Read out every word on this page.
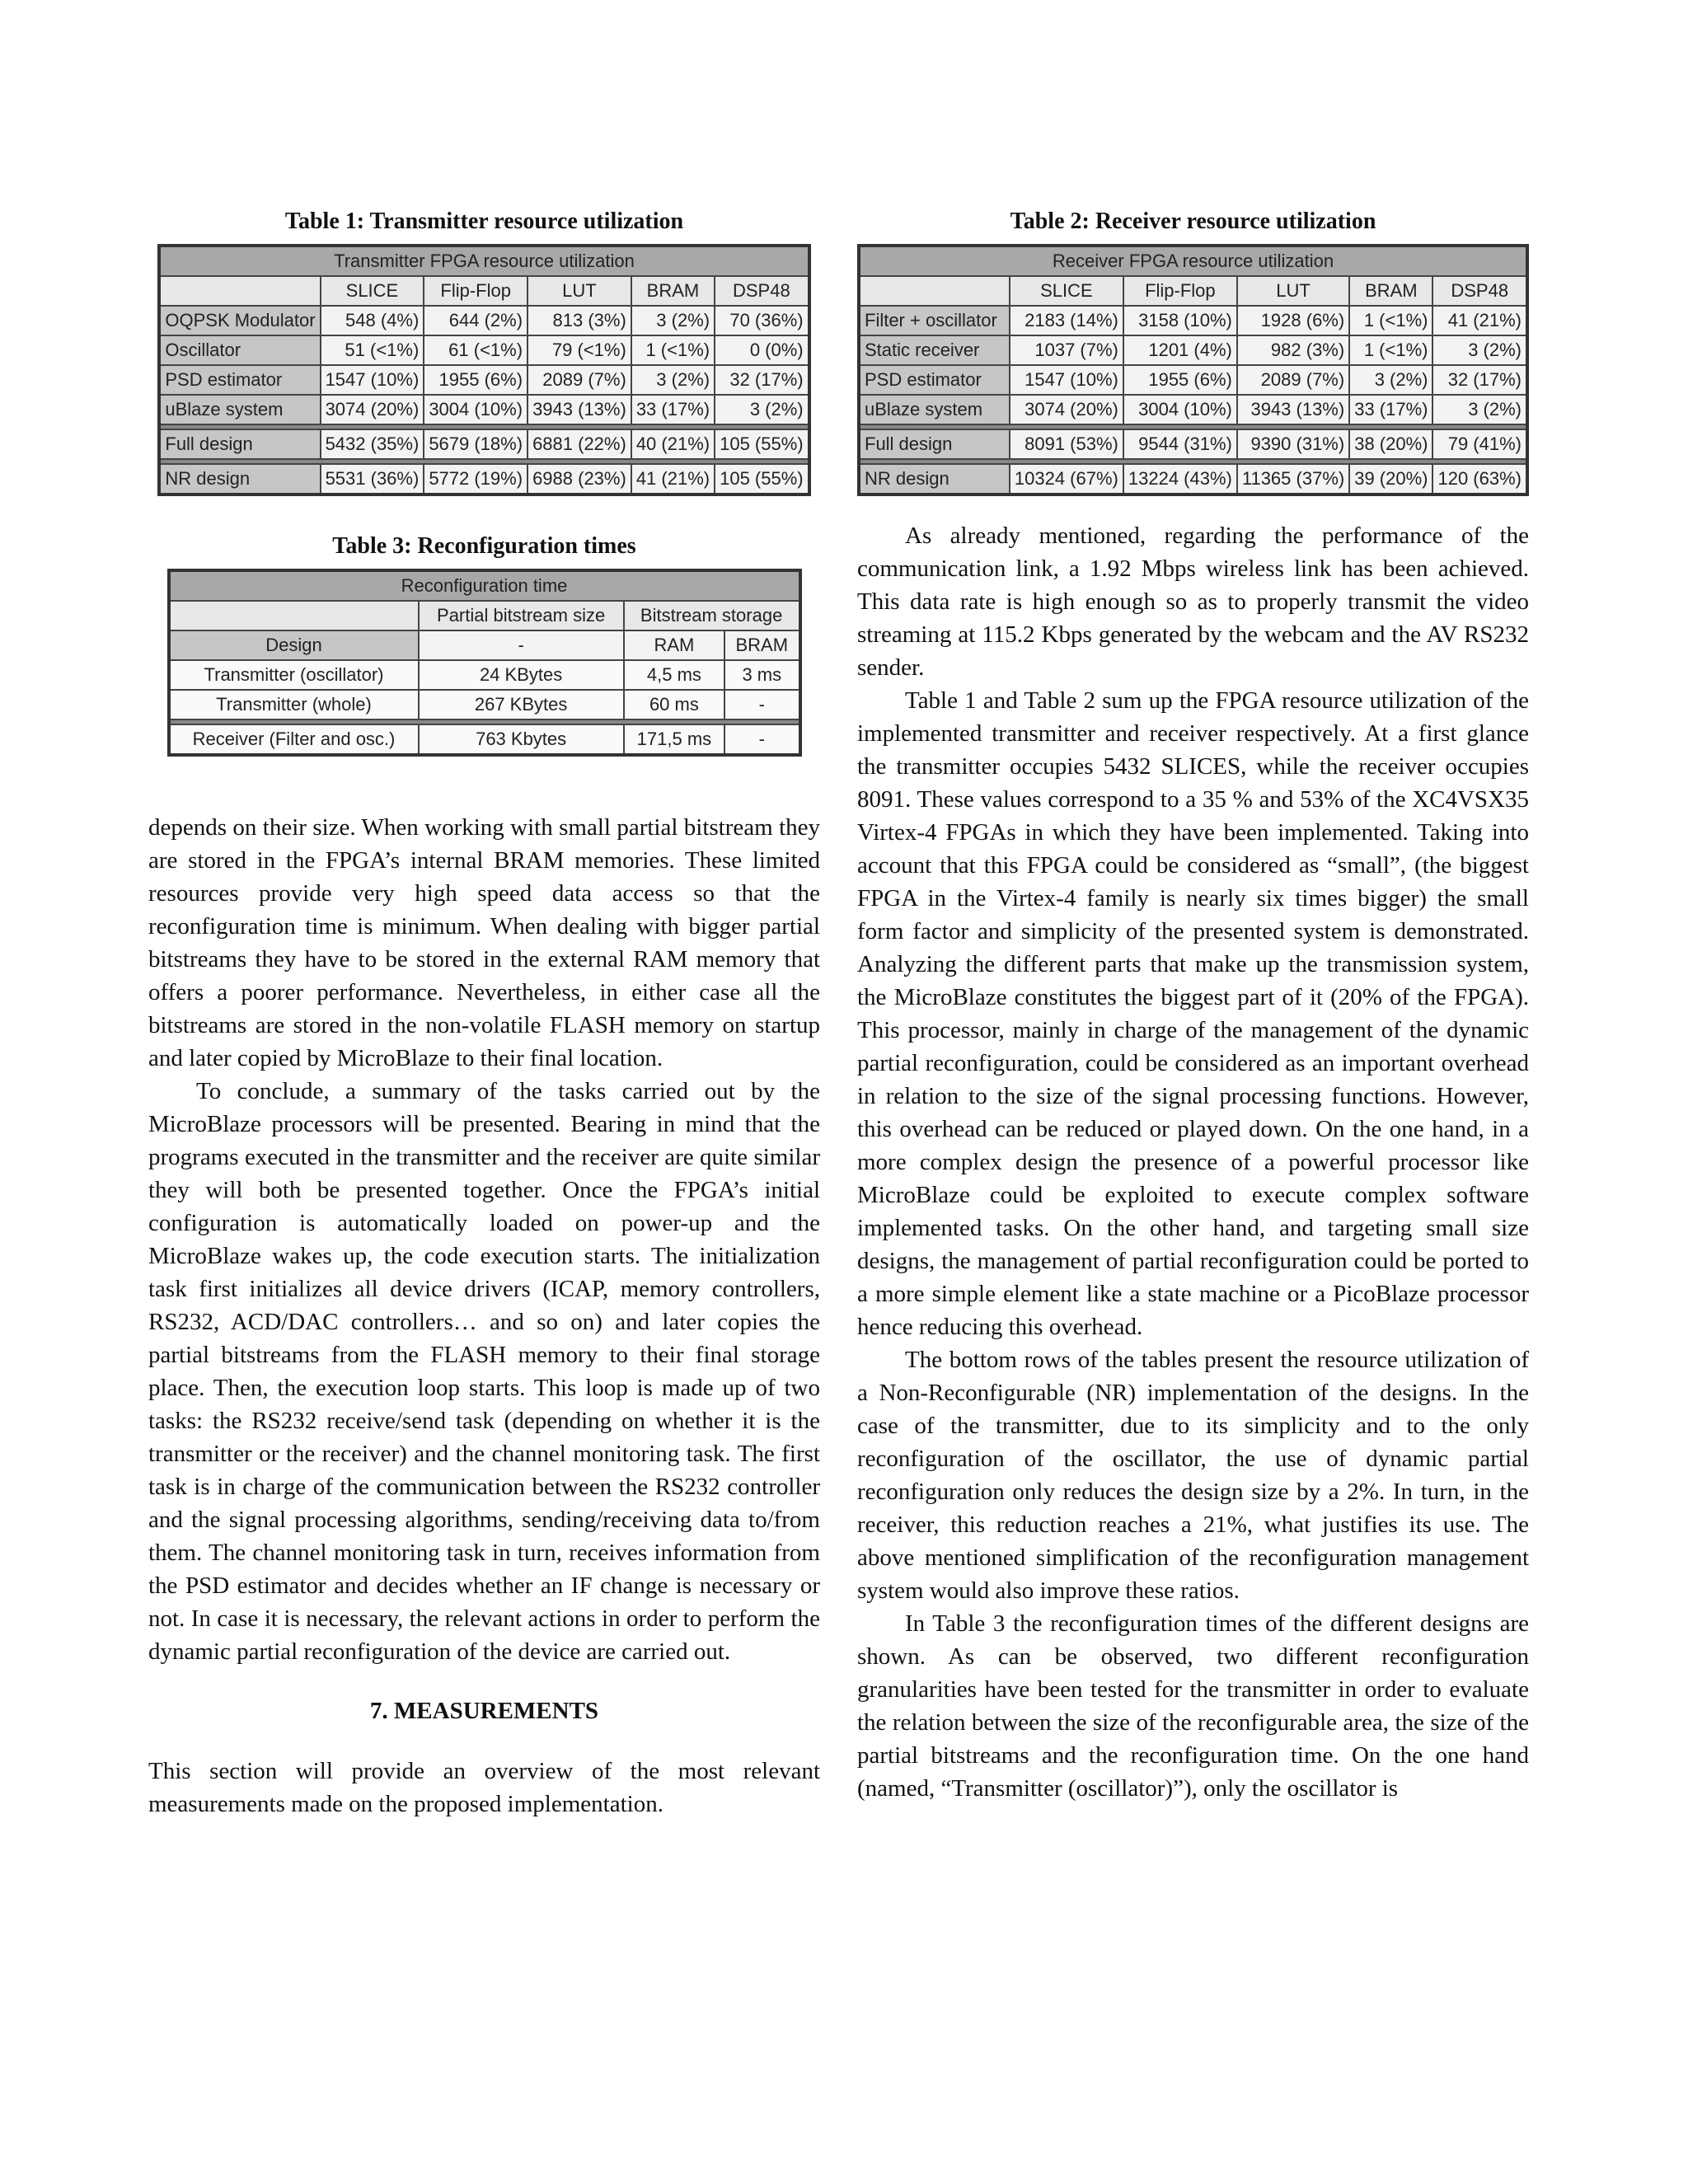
Table 1: Transmitter resource utilization
Transmitter FPGA resource utilization					
	SLICE	Flip-Flop	LUT	BRAM	DSP48
OQPSK Modulator	548 (4%)	644 (2%)	813 (3%)	3 (2%)	70 (36%)
Oscillator	51 (<1%)	61 (<1%)	79 (<1%)	1 (<1%)	0 (0%)
PSD estimator	1547 (10%)	1955 (6%)	2089 (7%)	3 (2%)	32 (17%)
uBlaze system	3074 (20%)	3004 (10%)	3943 (13%)	33 (17%)	3 (2%)

Full design	5432 (35%)	5679 (18%)	6881 (22%)	40 (21%)	105 (55%)

NR design	5531 (36%)	5772 (19%)	6988 (23%)	41 (21%)	105 (55%)
Table 3: Reconfiguration times
Reconfiguration time			
	Partial bitstream size	Bitstream storage	
Design	-	RAM	BRAM
Transmitter (oscillator)	24 KBytes	4,5 ms	3 ms
Transmitter (whole)	267 KBytes	60 ms	-

Receiver (Filter and osc.)	763 Kbytes	171,5 ms	-

depends on their size. When working with small partial bitstream they are stored in the FPGA’s internal BRAM memories. These limited resources provide very high speed data access so that the reconfiguration time is minimum. When dealing with bigger partial bitstreams they have to be stored in the external RAM memory that offers a poorer performance. Nevertheless, in either case all the bitstreams are stored in the non-volatile FLASH memory on startup and later copied by MicroBlaze to their final location.

To conclude, a summary of the tasks carried out by the MicroBlaze processors will be presented. Bearing in mind that the programs executed in the transmitter and the receiver are quite similar they will both be presented together. Once the FPGA’s initial configuration is automatically loaded on power-up and the MicroBlaze wakes up, the code execution starts. The initialization task first initializes all device drivers (ICAP, memory controllers, RS232, ACD/DAC controllers… and so on) and later copies the partial bitstreams from the FLASH memory to their final storage place. Then, the execution loop starts. This loop is made up of two tasks: the RS232 receive/send task (depending on whether it is the transmitter or the receiver) and the channel monitoring task. The first task is in charge of the communication between the RS232 controller and the signal processing algorithms, sending/receiving data to/from them. The channel monitoring task in turn, receives information from the PSD estimator and decides whether an IF change is necessary or not. In case it is necessary, the relevant actions in order to perform the dynamic partial reconfiguration of the device are carried out.

7. MEASUREMENTS

This section will provide an overview of the most relevant measurements made on the proposed implementation.

Table 2: Receiver resource utilization
Receiver FPGA resource utilization					
	SLICE	Flip-Flop	LUT	BRAM	DSP48
Filter + oscillator	2183 (14%)	3158 (10%)	1928 (6%)	1 (<1%)	41 (21%)
Static receiver	1037 (7%)	1201 (4%)	982 (3%)	1 (<1%)	3 (2%)
PSD estimator	1547 (10%)	1955 (6%)	2089 (7%)	3 (2%)	32 (17%)
uBlaze system	3074 (20%)	3004 (10%)	3943 (13%)	33 (17%)	3 (2%)

Full design	8091 (53%)	9544 (31%)	9390 (31%)	38 (20%)	79 (41%)

NR design	10324 (67%)	13224 (43%)	11365 (37%)	39 (20%)	120 (63%)

As already mentioned, regarding the performance of the communication link, a 1.92 Mbps wireless link has been achieved. This data rate is high enough so as to properly transmit the video streaming at 115.2 Kbps generated by the webcam and the AV RS232 sender.

Table 1 and Table 2 sum up the FPGA resource utilization of the implemented transmitter and receiver respectively. At a first glance the transmitter occupies 5432 SLICES, while the receiver occupies 8091. These values correspond to a 35 % and 53% of the XC4VSX35 Virtex-4 FPGAs in which they have been implemented. Taking into account that this FPGA could be considered as “small”, (the biggest FPGA in the Virtex-4 family is nearly six times bigger) the small form factor and simplicity of the presented system is demonstrated. Analyzing the different parts that make up the transmission system, the MicroBlaze constitutes the biggest part of it (20% of the FPGA). This processor, mainly in charge of the management of the dynamic partial reconfiguration, could be considered as an important overhead in relation to the size of the signal processing functions. However, this overhead can be reduced or played down. On the one hand, in a more complex design the presence of a powerful processor like MicroBlaze could be exploited to execute complex software implemented tasks. On the other hand, and targeting small size designs, the management of partial reconfiguration could be ported to a more simple element like a state machine or a PicoBlaze processor hence reducing this overhead.

The bottom rows of the tables present the resource utilization of a Non-Reconfigurable (NR) implementation of the designs. In the case of the transmitter, due to its simplicity and to the only reconfiguration of the oscillator, the use of dynamic partial reconfiguration only reduces the design size by a 2%. In turn, in the receiver, this reduction reaches a 21%, what justifies its use. The above mentioned simplification of the reconfiguration management system would also improve these ratios.

In Table 3 the reconfiguration times of the different designs are shown. As can be observed, two different reconfiguration granularities have been tested for the transmitter in order to evaluate the relation between the size of the reconfigurable area, the size of the partial bitstreams and the reconfiguration time. On the one hand (named, “Transmitter (oscillator)”), only the oscillator is
